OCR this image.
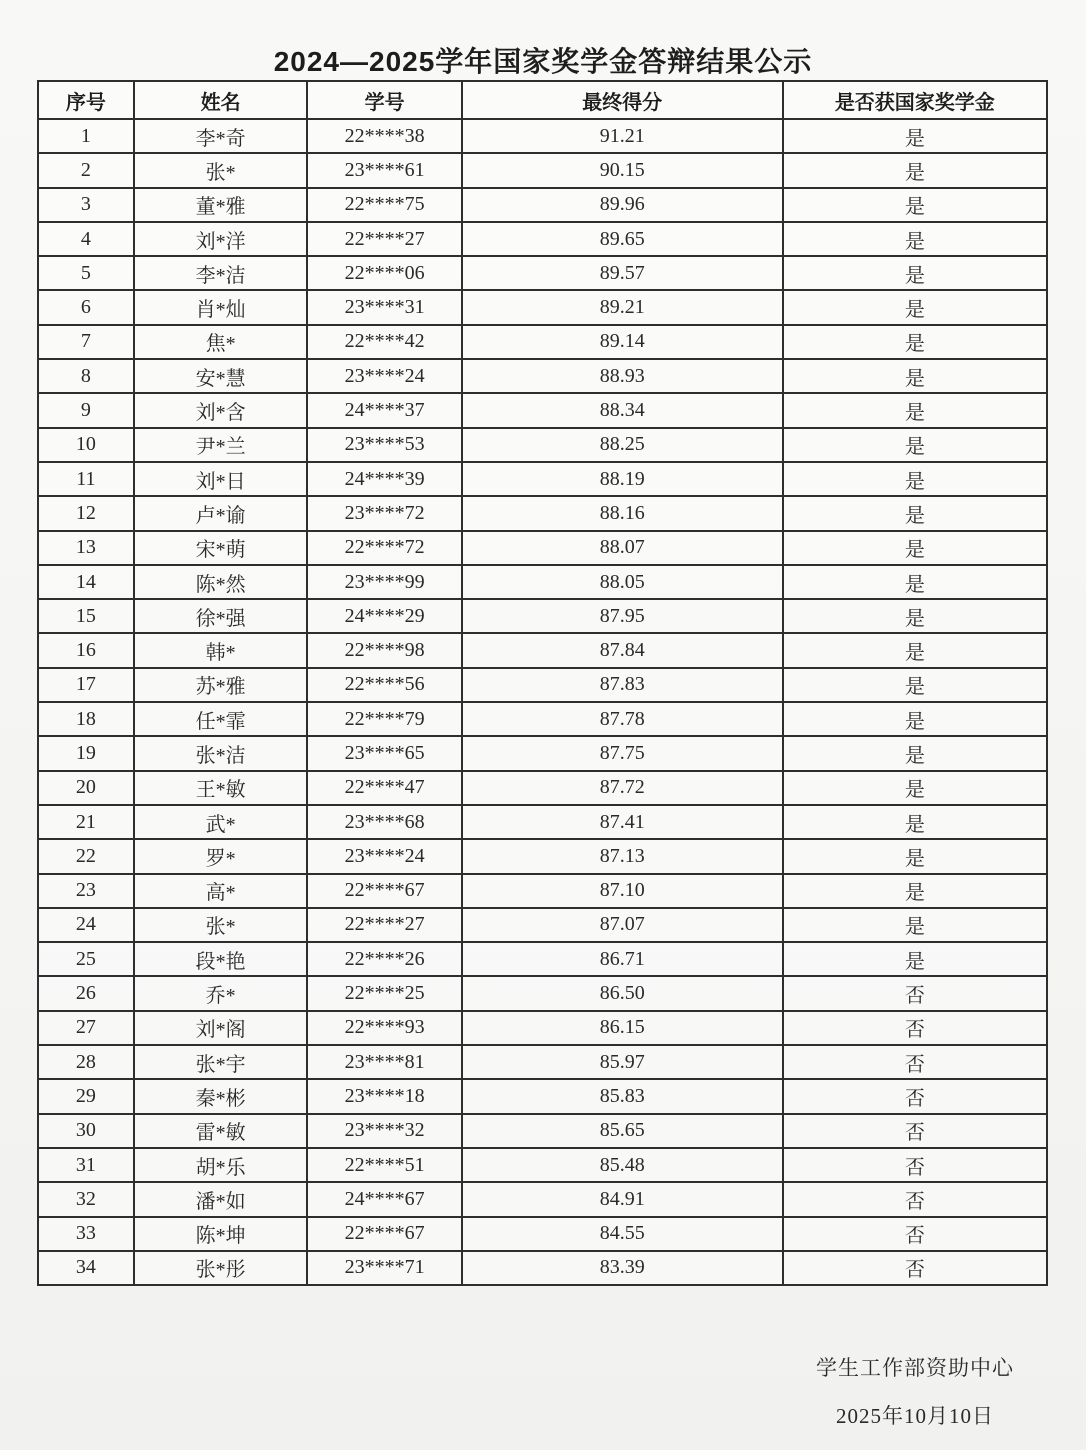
2024—2025学年国家奖学金答辩结果公示
序号	姓名	学号	最终得分	是否获国家奖学金
1	李*奇	22****38	91.21	是
2	张*	23****61	90.15	是
3	董*雅	22****75	89.96	是
4	刘*洋	22****27	89.65	是
5	李*洁	22****06	89.57	是
6	肖*灿	23****31	89.21	是
7	焦*	22****42	89.14	是
8	安*慧	23****24	88.93	是
9	刘*含	24****37	88.34	是
10	尹*兰	23****53	88.25	是
11	刘*日	24****39	88.19	是
12	卢*谕	23****72	88.16	是
13	宋*萌	22****72	88.07	是
14	陈*然	23****99	88.05	是
15	徐*强	24****29	87.95	是
16	韩*	22****98	87.84	是
17	苏*雅	22****56	87.83	是
18	任*霏	22****79	87.78	是
19	张*洁	23****65	87.75	是
20	王*敏	22****47	87.72	是
21	武*	23****68	87.41	是
22	罗*	23****24	87.13	是
23	高*	22****67	87.10	是
24	张*	22****27	87.07	是
25	段*艳	22****26	86.71	是
26	乔*	22****25	86.50	否
27	刘*阁	22****93	86.15	否
28	张*宇	23****81	85.97	否
29	秦*彬	23****18	85.83	否
30	雷*敏	23****32	85.65	否
31	胡*乐	22****51	85.48	否
32	潘*如	24****67	84.91	否
33	陈*坤	22****67	84.55	否
34	张*彤	23****71	83.39	否
学生工作部资助中心
2025年10月10日
